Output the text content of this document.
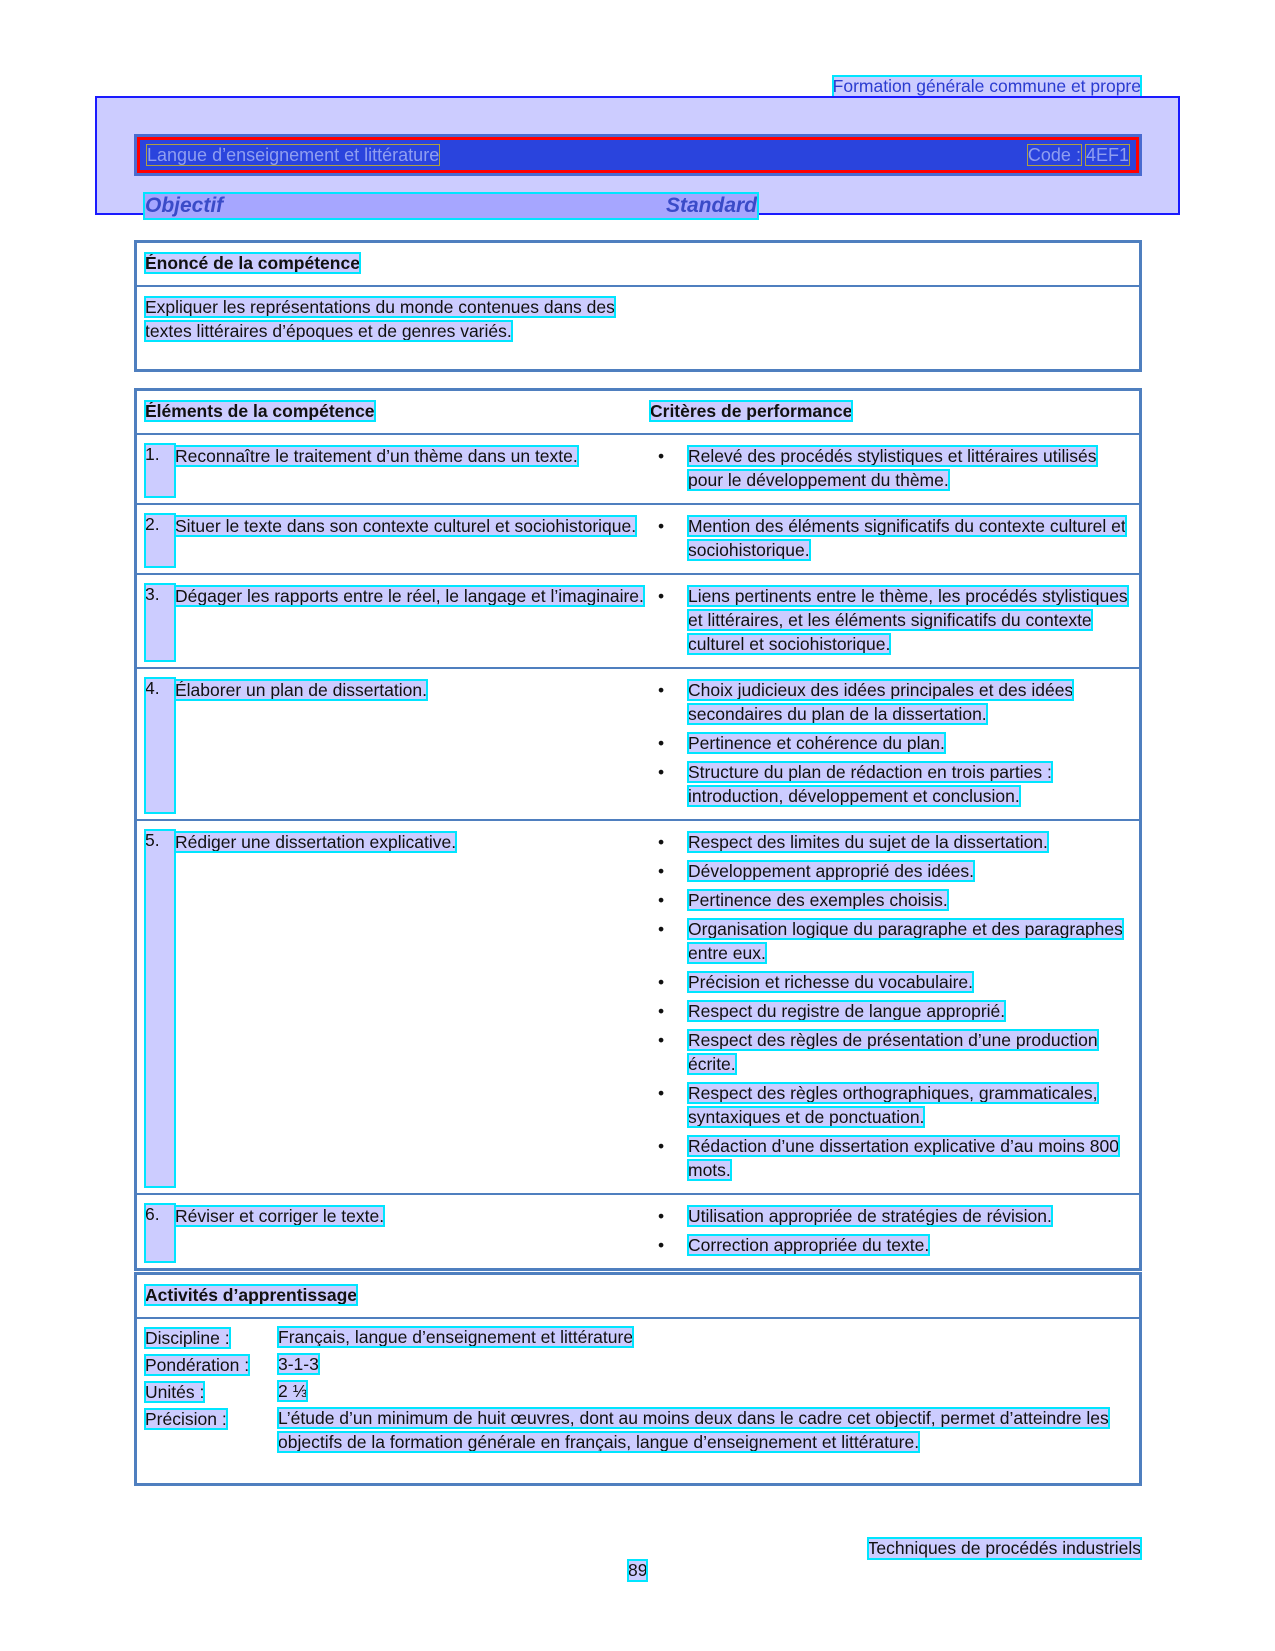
Formation générale commune et propre
Langue d’enseignement et littérature	Code : 4EF1
Objectif	Standard
Énoncé de la compétence
Expliquer les représentations du monde contenues dans des textes littéraires d’époques et de genres variés.
Éléments de la compétence	Critères de performance
1. Reconnaître le traitement d’un thème dans un texte.	•	Relevé des procédés stylistiques et littéraires utilisés pour le développement du thème.
2. Situer le texte dans son contexte culturel et sociohistorique.	•	Mention des éléments significatifs du contexte culturel et sociohistorique.
3. Dégager les rapports entre le réel, le langage et l’imaginaire. •	Liens pertinents entre le thème, les procédés stylistiques et littéraires, et les éléments significatifs du contexte culturel et sociohistorique.
4. Élaborer un plan de dissertation.	•	Choix judicieux des idées principales et des idées secondaires du plan de la dissertation.
•	Pertinence et cohérence du plan.
•	Structure du plan de rédaction en trois parties : introduction, développement et conclusion.
5. Rédiger une dissertation explicative.	•	Respect des limites du sujet de la dissertation.
•	Développement approprié des idées.
•	Pertinence des exemples choisis.
•	Organisation logique du paragraphe et des paragraphes entre eux.
•	Précision et richesse du vocabulaire.
•	Respect du registre de langue approprié.
•	Respect des règles de présentation d’une production écrite.
•	Respect des règles orthographiques, grammaticales, syntaxiques et de ponctuation.
•	Rédaction d’une dissertation explicative d’au moins 800 mots.
6. Réviser et corriger le texte.	•	Utilisation appropriée de stratégies de révision.
•	Correction appropriée du texte.
Activités d’apprentissage
Discipline :	Français, langue d’enseignement et littérature
Pondération :	3-1-3
Unités :	2 ⅓
Précision :	L’étude d’un minimum de huit œuvres, dont au moins deux dans le cadre cet objectif, permet d’atteindre les objectifs de la formation générale en français, langue d’enseignement et littérature.
Techniques de procédés industriels
89
